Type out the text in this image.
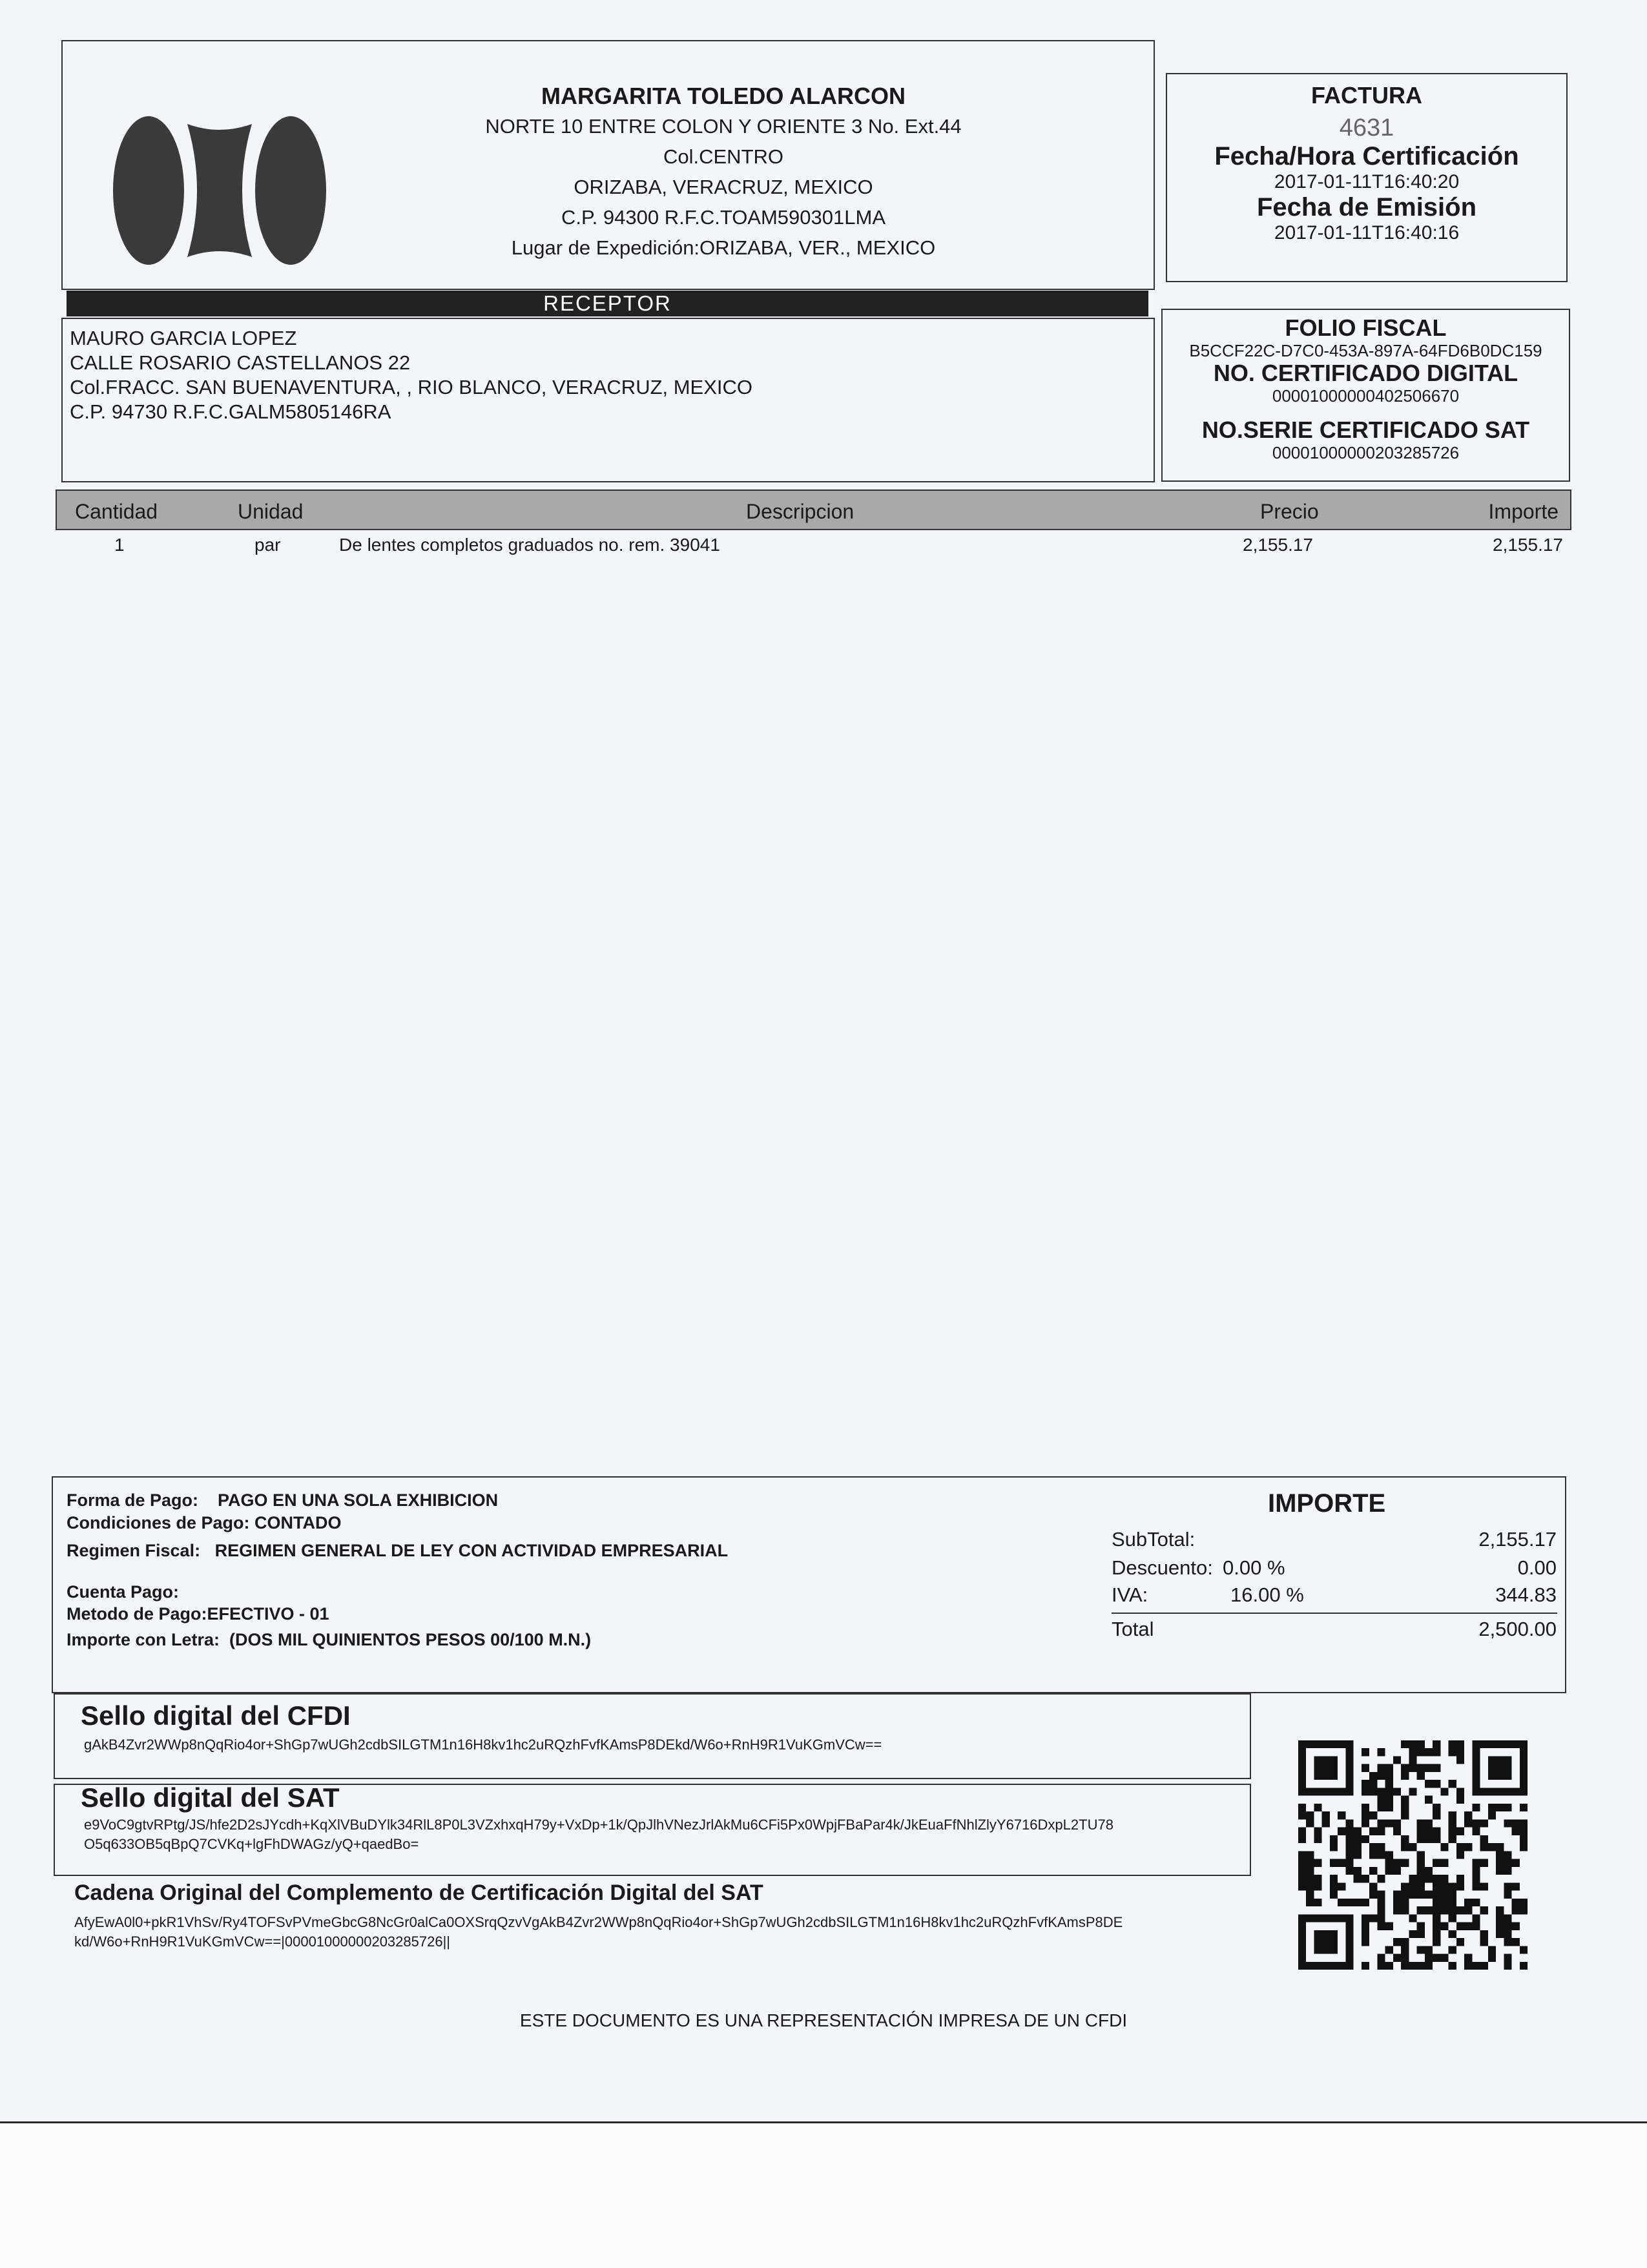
MARGARITA TOLEDO ALARCON
NORTE 10 ENTRE COLON Y ORIENTE 3 No. Ext.44
Col.CENTRO
ORIZABA, VERACRUZ, MEXICO
C.P. 94300 R.F.C.TOAM590301LMA
Lugar de Expedición:ORIZABA, VER., MEXICO
FACTURA
4631
Fecha/Hora Certificación
2017-01-11T16:40:20
Fecha de Emisión
2017-01-11T16:40:16
RECEPTOR
MAURO GARCIA LOPEZ
CALLE ROSARIO CASTELLANOS 22
Col.FRACC. SAN BUENAVENTURA, , RIO BLANCO, VERACRUZ, MEXICO
C.P. 94730 R.F.C.GALM5805146RA
FOLIO FISCAL
B5CCF22C-D7C0-453A-897A-64FD6B0DC159
NO. CERTIFICADO DIGITAL
00001000000402506670
NO.SERIE CERTIFICADO SAT
00001000000203285726
Cantidad	Unidad	Descripcion	Precio	Importe
1	par	De lentes completos graduados no. rem. 39041	2,155.17	2,155.17
Forma de Pago: PAGO EN UNA SOLA EXHIBICION
Condiciones de Pago: CONTADO
Regimen Fiscal: REGIMEN GENERAL DE LEY CON ACTIVIDAD EMPRESARIAL
Cuenta Pago:
Metodo de Pago:EFECTIVO - 01
Importe con Letra: (DOS MIL QUINIENTOS PESOS 00/100 M.N.)
IMPORTE
SubTotal:	2,155.17
Descuento: 0.00 %	0.00
IVA:	16.00 %	344.83
Total	2,500.00
Sello digital del CFDI
gAkB4Zvr2WWp8nQqRio4or+ShGp7wUGh2cdbSILGTM1n16H8kv1hc2uRQzhFvfKAmsP8DEkd/W6o+RnH9R1VuKGmVCw==
Sello digital del SAT
e9VoC9gtvRPtg/JS/hfe2D2sJYcdh+KqXlVBuDYlk34RlL8P0L3VZxhxqH79y+VxDp+1k/QpJlhVNezJrlAkMu6CFi5Px0WpjFBaPar4k/JkEuaFfNhlZlyY6716DxpL2TU78
O5q633OB5qBpQ7CVKq+lgFhDWAGz/yQ+qaedBo=
Cadena Original del Complemento de Certificación Digital del SAT
AfyEwA0l0+pkR1VhSv/Ry4TOFSvPVmeGbcG8NcGr0alCa0OXSrqQzvVgAkB4Zvr2WWp8nQqRio4or+ShGp7wUGh2cdbSILGTM1n16H8kv1hc2uRQzhFvfKAmsP8DE
kd/W6o+RnH9R1VuKGmVCw==|00001000000203285726||
ESTE DOCUMENTO ES UNA REPRESENTACIÓN IMPRESA DE UN CFDI
